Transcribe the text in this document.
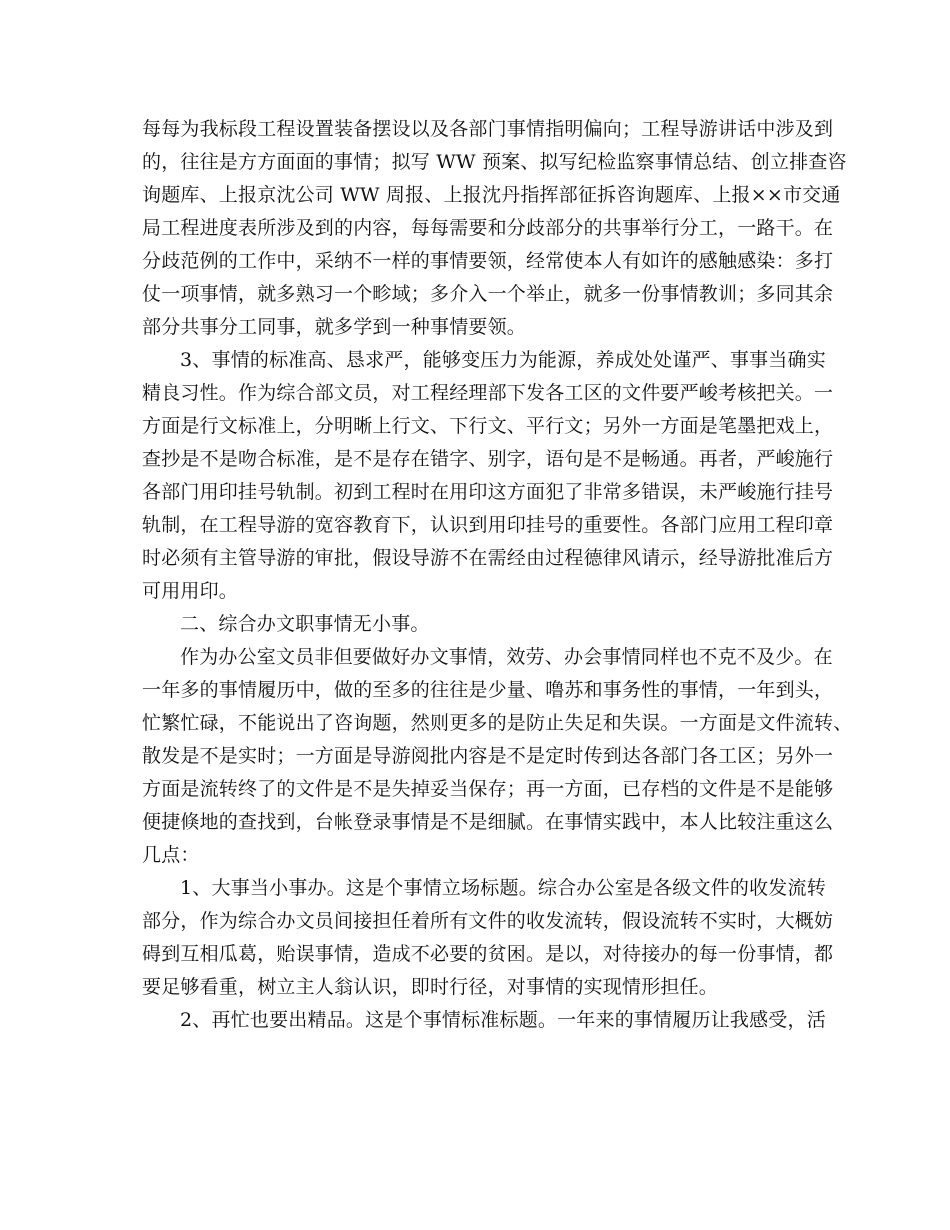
每每为我标段工程设置装备摆设以及各部门事情指明偏向；工程导游讲话中涉及到
的，往往是方方面面的事情；拟写 WW 预案、拟写纪检监察事情总结、创立排查咨
询题库、上报京沈公司 WW 周报、上报沈丹指挥部征拆咨询题库、上报××市交通
局工程进度表所涉及到的内容，每每需要和分歧部分的共事举行分工，一路干。在
分歧范例的工作中，采纳不一样的事情要领，经常使本人有如许的感触感染：多打
仗一项事情，就多熟习一个畛域；多介入一个举止，就多一份事情教训；多同其余
部分共事分工同事，就多学到一种事情要领。
3、事情的标准高、恳求严，能够变压力为能源，养成处处谨严、事事当确实
精良习性。作为综合部文员，对工程经理部下发各工区的文件要严峻考核把关。一
方面是行文标准上，分明晰上行文、下行文、平行文；另外一方面是笔墨把戏上，
查抄是不是吻合标准，是不是存在错字、别字，语句是不是畅通。再者，严峻施行
各部门用印挂号轨制。初到工程时在用印这方面犯了非常多错误，未严峻施行挂号
轨制，在工程导游的宽容教育下，认识到用印挂号的重要性。各部门应用工程印章
时必须有主管导游的审批，假设导游不在需经由过程德律风请示，经导游批准后方
可用用印。
二、综合办文职事情无小事。
作为办公室文员非但要做好办文事情，效劳、办会事情同样也不克不及少。在
一年多的事情履历中，做的至多的往往是少量、噜苏和事务性的事情，一年到头，
忙繁忙碌，不能说出了咨询题，然则更多的是防止失足和失误。一方面是文件流转、
散发是不是实时；一方面是导游阅批内容是不是定时传到达各部门各工区；另外一
方面是流转终了的文件是不是失掉妥当保存；再一方面，已存档的文件是不是能够
便捷倏地的查找到，台帐登录事情是不是细腻。在事情实践中，本人比较注重这么
几点：
1、大事当小事办。这是个事情立场标题。综合办公室是各级文件的收发流转
部分，作为综合办文员间接担任着所有文件的收发流转，假设流转不实时，大概妨
碍到互相瓜葛，贻误事情，造成不必要的贫困。是以，对待接办的每一份事情，都
要足够看重，树立主人翁认识，即时行径，对事情的实现情形担任。
2、再忙也要出精品。这是个事情标准标题。一年来的事情履历让我感受，活
